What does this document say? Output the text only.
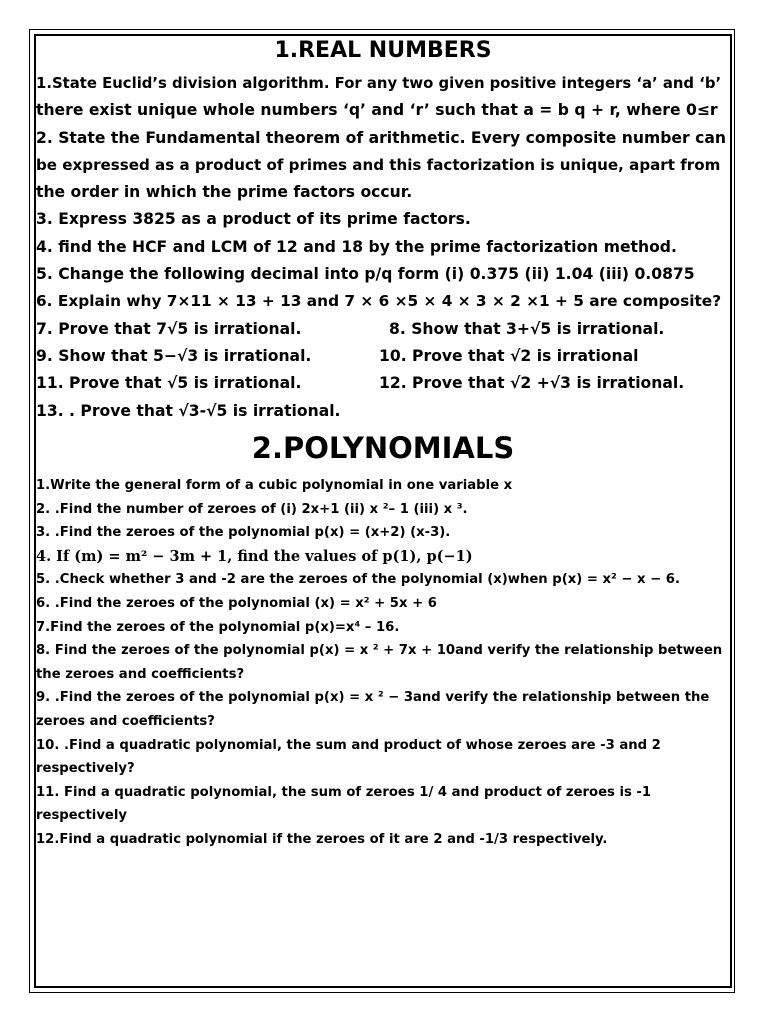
1.REAL NUMBERS
1.State Euclid’s division algorithm. For any two given positive integers ‘a’ and ‘b’
there exist unique whole numbers ‘q’ and ‘r’ such that a = b q + r, where 0≤r
2. State the Fundamental theorem of arithmetic. Every composite number can
be expressed as a product of primes and this factorization is unique, apart from
the order in which the prime factors occur.
3. Express 3825 as a product of its prime factors.
4. find the HCF and LCM of 12 and 18 by the prime factorization method.
5. Change the following decimal into p/q form (i) 0.375 (ii) 1.04 (iii) 0.0875
6. Explain why 7×11 × 13 + 13 and 7 × 6 ×5 × 4 × 3 × 2 ×1 + 5 are composite?
7. Prove that 7√5 is irrational.	8. Show that 3+√5 is irrational.
9. Show that 5−√3 is irrational.	10. Prove that √2 is irrational
11. Prove that √5 is irrational.	12. Prove that √2 +√3 is irrational.
13. . Prove that √3-√5 is irrational.
2.POLYNOMIALS
1.Write the general form of a cubic polynomial in one variable x
2. .Find the number of zeroes of (i) 2x+1 (ii) x ²– 1 (iii) x ³.
3. .Find the zeroes of the polynomial p(x) = (x+2) (x-3).
4. If (m) = m² − 3m + 1, find the values of p(1), p(−1)
5. .Check whether 3 and -2 are the zeroes of the polynomial (x)when p(x) = x² − x − 6.
6. .Find the zeroes of the polynomial (x) = x² + 5x + 6
7.Find the zeroes of the polynomial p(x)=x⁴ – 16.
8. Find the zeroes of the polynomial p(x) = x ² + 7x + 10and verify the relationship between
the zeroes and coefficients?
9. .Find the zeroes of the polynomial p(x) = x ² − 3and verify the relationship between the
zeroes and coefficients?
10. .Find a quadratic polynomial, the sum and product of whose zeroes are -3 and 2
respectively?
11. Find a quadratic polynomial, the sum of zeroes 1/ 4 and product of zeroes is -1
respectively
12.Find a quadratic polynomial if the zeroes of it are 2 and -1/3 respectively.
